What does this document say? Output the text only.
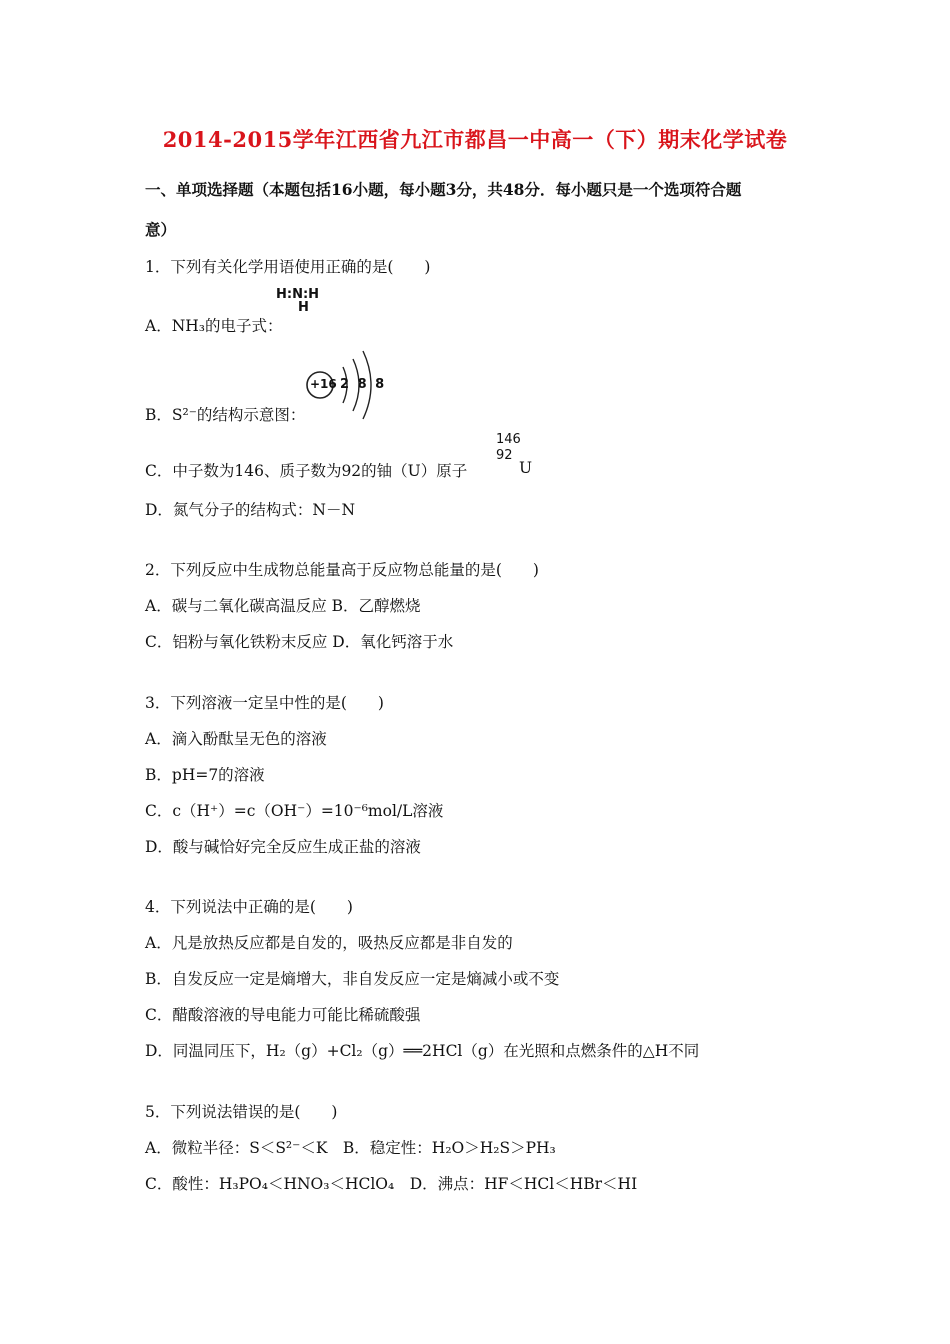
2014-2015学年江西省九江市都昌一中高一（下）期末化学试卷
一、单项选择题（本题包括16小题，每小题3分，共48分．每小题只是一个选项符合题
意）
1．下列有关化学用语使用正确的是(　　)
H:N:H
H
A．NH₃的电子式：
+16 2 8 8
B．S²⁻的结构示意图：
146
92
U
C．中子数为146、质子数为92的铀（U）原子
D．氮气分子的结构式：N－N
2．下列反应中生成物总能量高于反应物总能量的是(　　)
A．碳与二氧化碳高温反应 B．乙醇燃烧
C．铝粉与氧化铁粉末反应 D．氧化钙溶于水
3．下列溶液一定呈中性的是(　　)
A．滴入酚酞呈无色的溶液
B．pH=7的溶液
C．c（H⁺）=c（OH⁻）=10⁻⁶mol/L溶液
D．酸与碱恰好完全反应生成正盐的溶液
4．下列说法中正确的是(　　)
A．凡是放热反应都是自发的，吸热反应都是非自发的
B．自发反应一定是熵增大，非自发反应一定是熵减小或不变
C．醋酸溶液的导电能力可能比稀硫酸强
D．同温同压下，H₂（g）+Cl₂（g）══2HCl（g）在光照和点燃条件的△H不同
5．下列说法错误的是(　　)
A．微粒半径：S＜S²⁻＜K　B．稳定性：H₂O＞H₂S＞PH₃
C．酸性：H₃PO₄＜HNO₃＜HClO₄　D．沸点：HF＜HCl＜HBr＜HI
